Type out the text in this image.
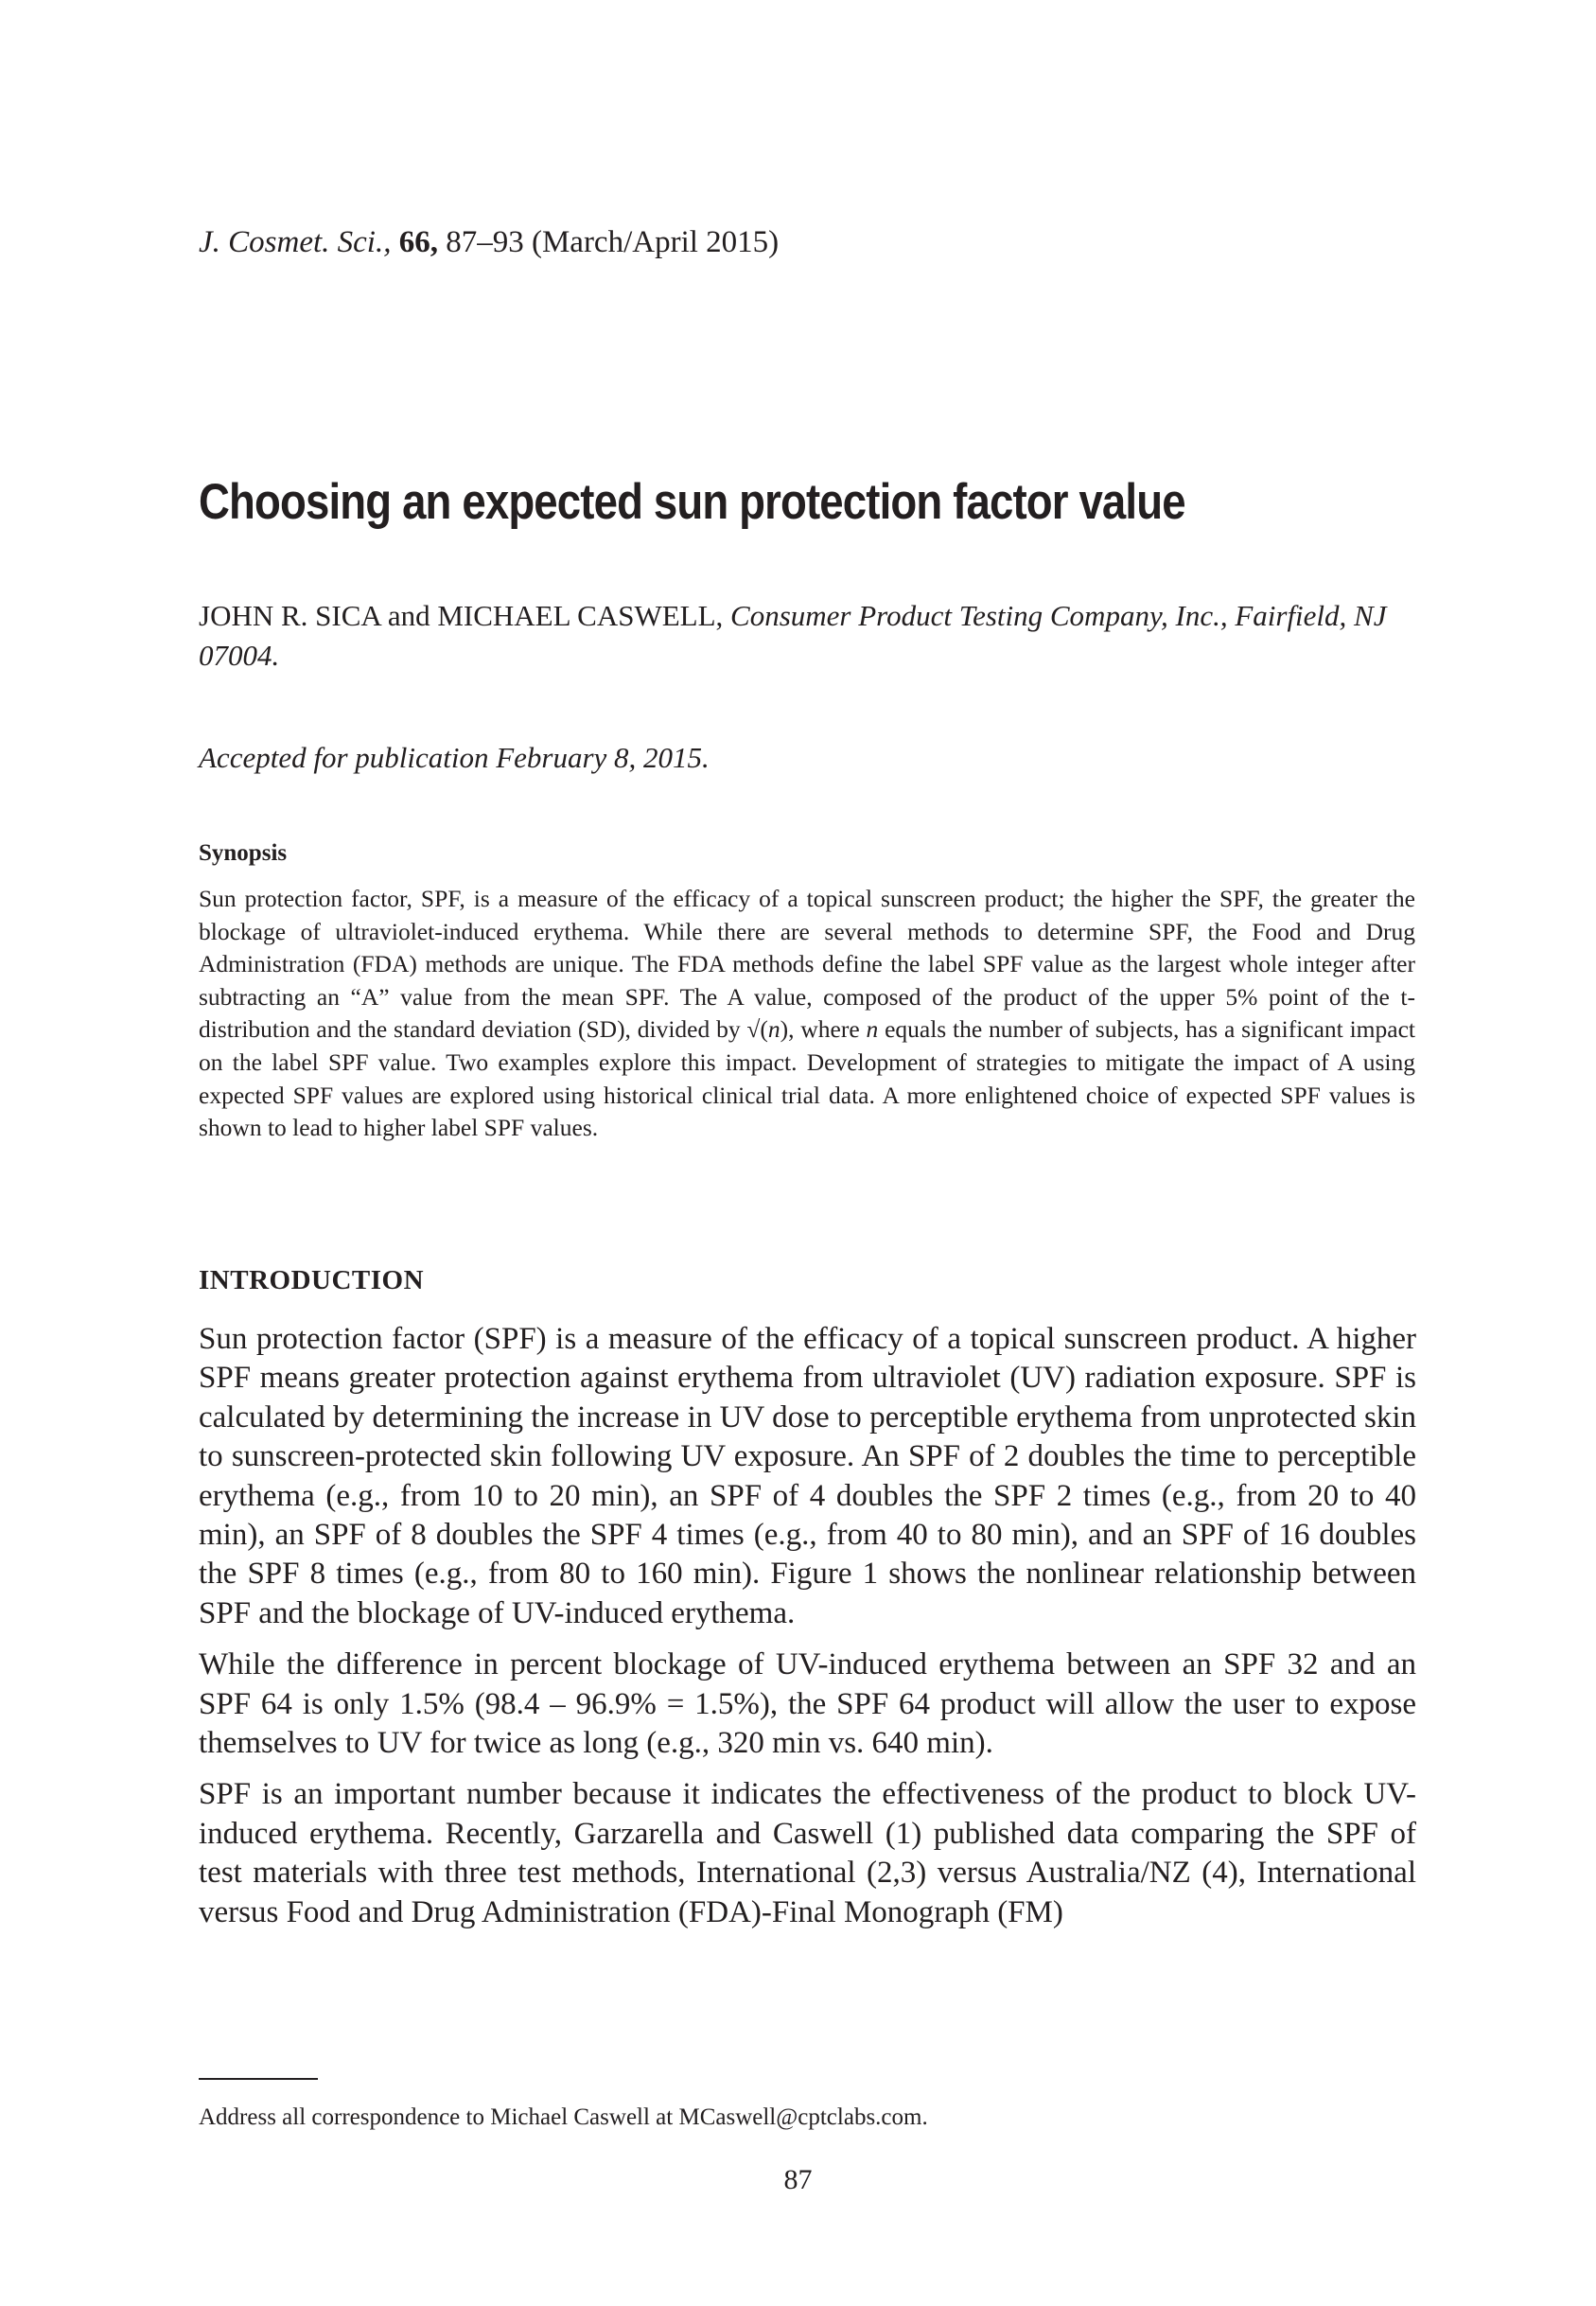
J. Cosmet. Sci., 66, 87–93 (March/April 2015)
Choosing an expected sun protection factor value
JOHN R. SICA and MICHAEL CASWELL, Consumer Product Testing Company, Inc., Fairfield, NJ 07004.
Accepted for publication February 8, 2015.
Synopsis

Sun protection factor, SPF, is a measure of the efficacy of a topical sunscreen product; the higher the SPF, the greater the blockage of ultraviolet-induced erythema. While there are several methods to determine SPF, the Food and Drug Administration (FDA) methods are unique. The FDA methods define the label SPF value as the largest whole integer after subtracting an “A” value from the mean SPF. The A value, composed of the product of the upper 5% point of the t-distribution and the standard deviation (SD), divided by √(n), where n equals the number of subjects, has a significant impact on the label SPF value. Two examples explore this impact. Development of strategies to mitigate the impact of A using expected SPF values are explored using historical clinical trial data. A more enlightened choice of expected SPF values is shown to lead to higher label SPF values.

INTRODUCTION

Sun protection factor (SPF) is a measure of the efficacy of a topical sunscreen product. A higher SPF means greater protection against erythema from ultraviolet (UV) radiation exposure. SPF is calculated by determining the increase in UV dose to perceptible erythema from unprotected skin to sunscreen-protected skin following UV exposure. An SPF of 2 doubles the time to perceptible erythema (e.g., from 10 to 20 min), an SPF of 4 doubles the SPF 2 times (e.g., from 20 to 40 min), an SPF of 8 doubles the SPF 4 times (e.g., from 40 to 80 min), and an SPF of 16 doubles the SPF 8 times (e.g., from 80 to 160 min). Figure 1 shows the nonlinear relationship between SPF and the blockage of UV-induced erythema.

While the difference in percent blockage of UV-induced erythema between an SPF 32 and an SPF 64 is only 1.5% (98.4 – 96.9% = 1.5%), the SPF 64 product will allow the user to expose themselves to UV for twice as long (e.g., 320 min vs. 640 min).

SPF is an important number because it indicates the effectiveness of the product to block UV-induced erythema. Recently, Garzarella and Caswell (1) published data comparing the SPF of test materials with three test methods, International (2,3) versus Australia/NZ (4), International versus Food and Drug Administration (FDA)-Final Monograph (FM)

Address all correspondence to Michael Caswell at MCaswell@cptclabs.com.
87
